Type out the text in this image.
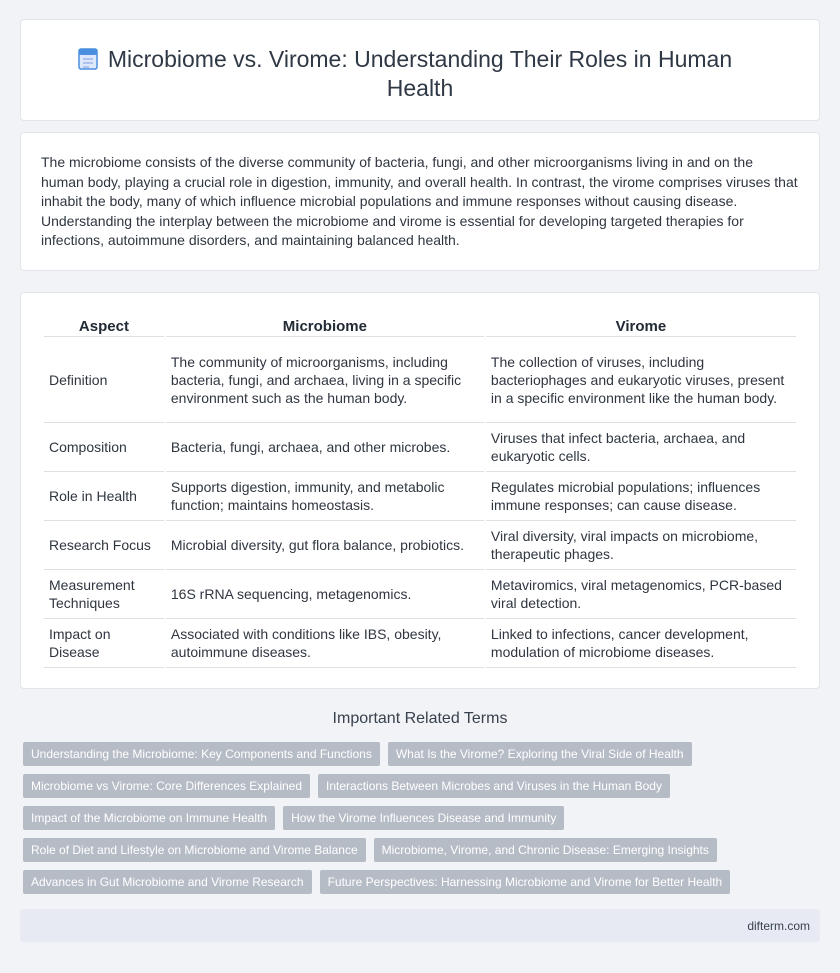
Microbiome vs. Virome: Understanding Their Roles in Human Health

The microbiome consists of the diverse community of bacteria, fungi, and other microorganisms living in and on the human body, playing a crucial role in digestion, immunity, and overall health. In contrast, the virome comprises viruses that inhabit the body, many of which influence microbial populations and immune responses without causing disease. Understanding the interplay between the microbiome and virome is essential for developing targeted therapies for infections, autoimmune disorders, and maintaining balanced health.

Aspect	Microbiome	Virome
Definition	The community of microorganisms, including bacteria, fungi, and archaea, living in a specific environment such as the human body.	The collection of viruses, including bacteriophages and eukaryotic viruses, present in a specific environment like the human body.
Composition	Bacteria, fungi, archaea, and other microbes.	Viruses that infect bacteria, archaea, and eukaryotic cells.
Role in Health	Supports digestion, immunity, and metabolic function; maintains homeostasis.	Regulates microbial populations; influences immune responses; can cause disease.
Research Focus	Microbial diversity, gut flora balance, probiotics.	Viral diversity, viral impacts on microbiome, therapeutic phages.
Measurement Techniques	16S rRNA sequencing, metagenomics.	Metaviromics, viral metagenomics, PCR-based viral detection.
Impact on Disease	Associated with conditions like IBS, obesity, autoimmune diseases.	Linked to infections, cancer development, modulation of microbiome diseases.
Important Related Terms
Understanding the Microbiome: Key Components and Functions	What Is the Virome? Exploring the Viral Side of Health
Microbiome vs Virome: Core Differences Explained	Interactions Between Microbes and Viruses in the Human Body
Impact of the Microbiome on Immune Health	How the Virome Influences Disease and Immunity
Role of Diet and Lifestyle on Microbiome and Virome Balance	Microbiome, Virome, and Chronic Disease: Emerging Insights
Advances in Gut Microbiome and Virome Research	Future Perspectives: Harnessing Microbiome and Virome for Better Health
difterm.com
